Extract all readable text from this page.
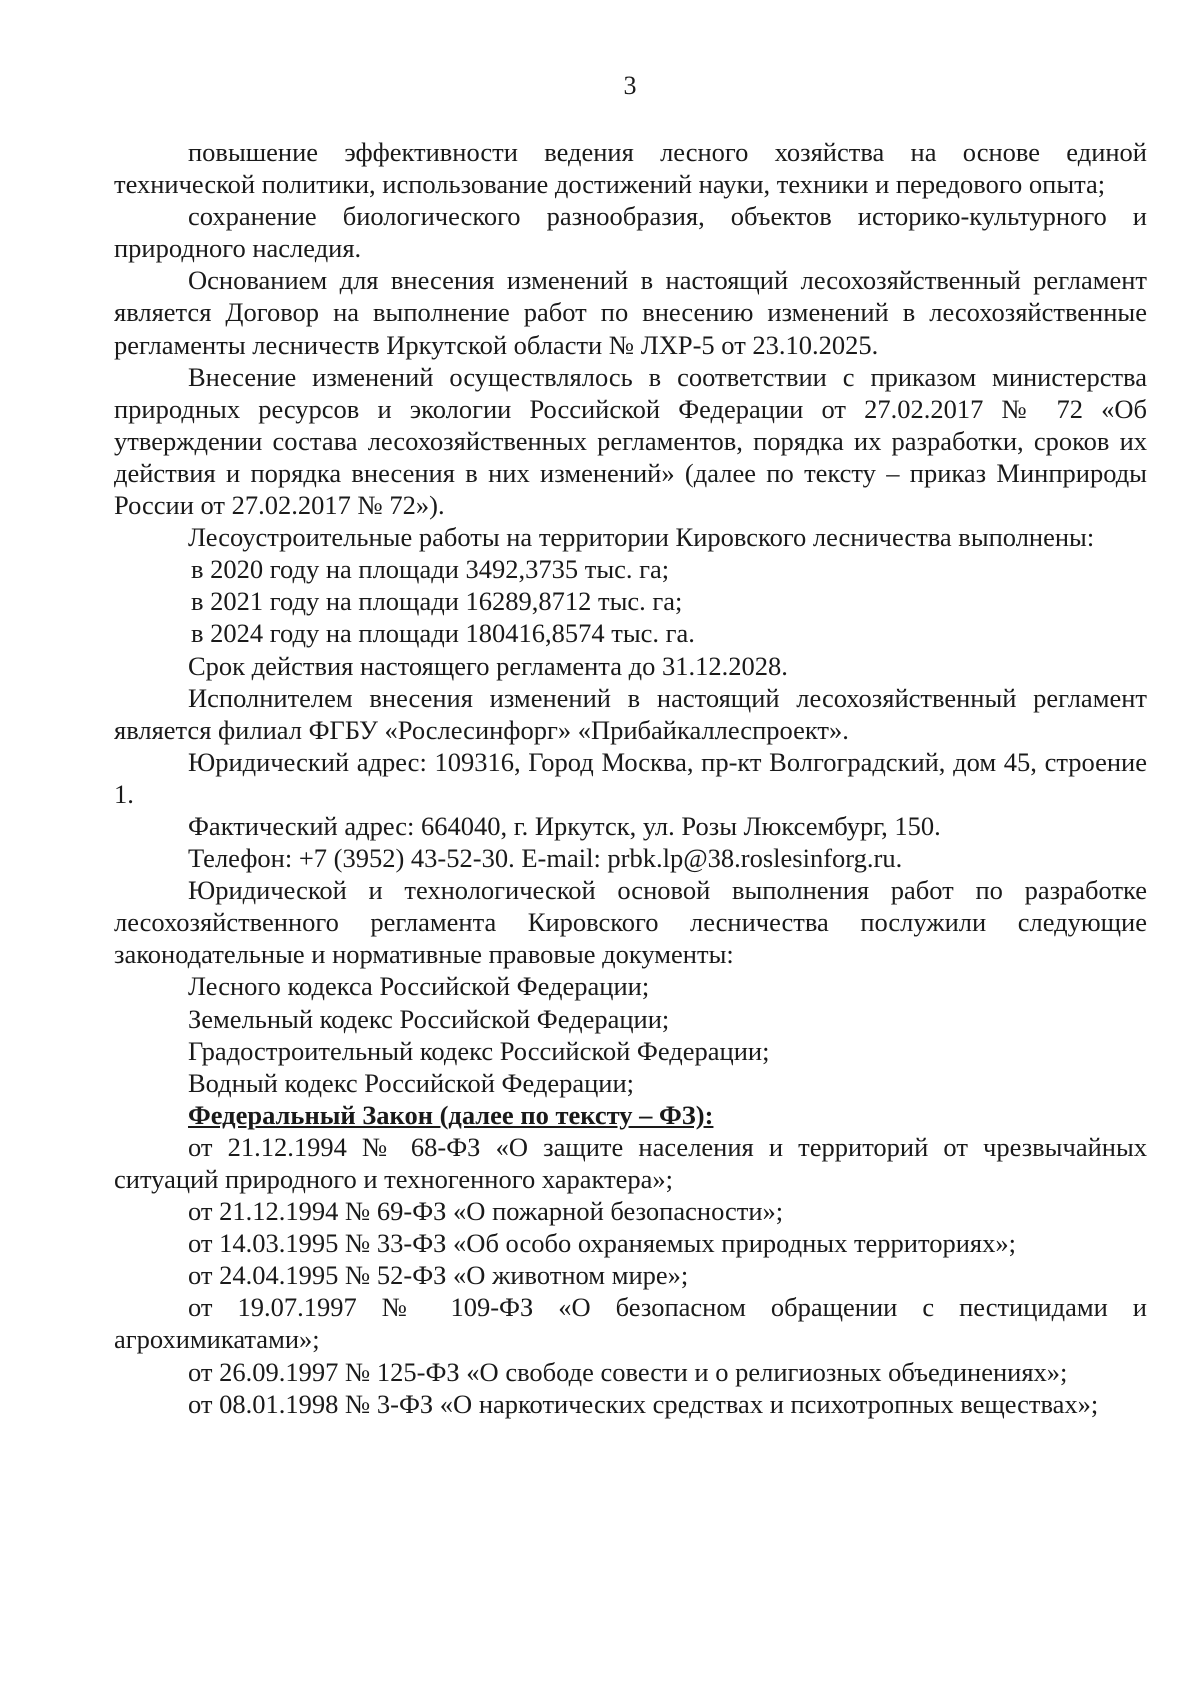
3

повышение эффективности ведения лесного хозяйства на основе единой технической политики, использование достижений науки, техники и передового опыта;

сохранение биологического разнообразия, объектов историко-культурного и природного наследия.

Основанием для внесения изменений в настоящий лесохозяйственный регламент является Договор на выполнение работ по внесению изменений в лесохозяйственные регламенты лесничеств Иркутской области № ЛХР-5 от 23.10.2025.

Внесение изменений осуществлялось в соответствии с приказом министерства природных ресурсов и экологии Российской Федерации от 27.02.2017 № 72 «Об утверждении состава лесохозяйственных регламентов, порядка их разработки, сроков их действия и порядка внесения в них изменений» (далее по тексту – приказ Минприроды России от 27.02.2017 № 72»).

Лесоустроительные работы на территории Кировского лесничества выполнены:

в 2020 году на площади 3492,3735 тыс. га;

в 2021 году на площади 16289,8712 тыс. га;

в 2024 году на площади 180416,8574 тыс. га.

Срок действия настоящего регламента до 31.12.2028.

Исполнителем внесения изменений в настоящий лесохозяйственный регламент является филиал ФГБУ «Рослесинфорг» «Прибайкаллеспроект».

Юридический адрес: 109316, Город Москва, пр-кт Волгоградский, дом 45, строение 1.

Фактический адрес: 664040, г. Иркутск, ул. Розы Люксембург, 150.

Телефон: +7 (3952) 43-52-30. E-mail: prbk.lp@38.roslesinforg.ru.

Юридической и технологической основой выполнения работ по разработке лесохозяйственного регламента Кировского лесничества послужили следующие законодательные и нормативные правовые документы:

Лесного кодекса Российской Федерации;

Земельный кодекс Российской Федерации;

Градостроительный кодекс Российской Федерации;

Водный кодекс Российской Федерации;

Федеральный Закон (далее по тексту – ФЗ):

от 21.12.1994 № 68-ФЗ «О защите населения и территорий от чрезвычайных ситуаций природного и техногенного характера»;

от 21.12.1994 № 69-ФЗ «О пожарной безопасности»;

от 14.03.1995 № 33-ФЗ «Об особо охраняемых природных территориях»;

от 24.04.1995 № 52-ФЗ «О животном мире»;

от 19.07.1997 № 109-ФЗ «О безопасном обращении с пестицидами и агрохимикатами»;

от 26.09.1997 № 125-ФЗ «О свободе совести и о религиозных объединениях»;

от 08.01.1998 № 3-ФЗ «О наркотических средствах и психотропных веществах»;
